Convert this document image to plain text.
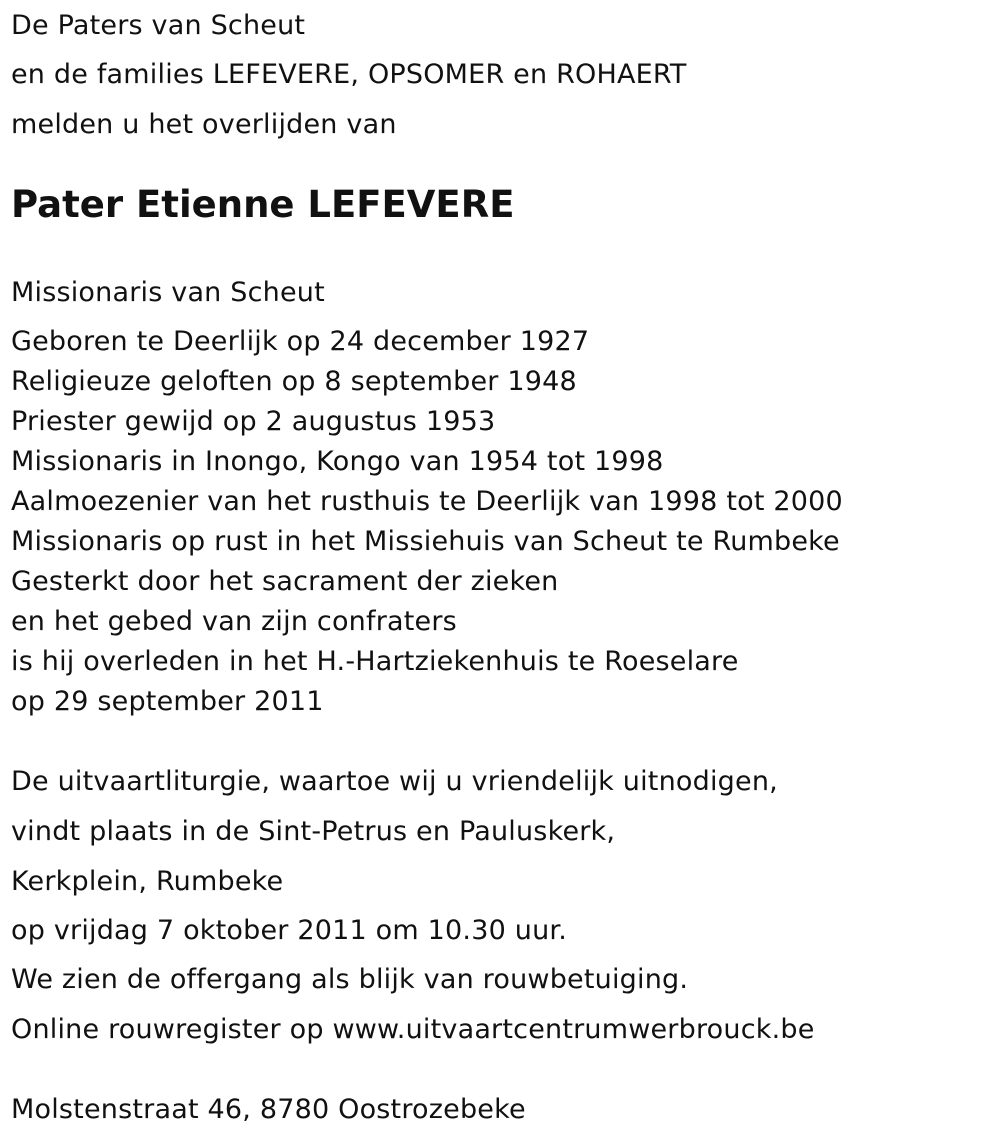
De Paters van Scheut
en de families LEFEVERE, OPSOMER en ROHAERT
melden u het overlijden van
Pater Etienne LEFEVERE
Missionaris van Scheut
Geboren te Deerlijk op 24 december 1927
Religieuze geloften op 8 september 1948
Priester gewijd op 2 augustus 1953
Missionaris in Inongo, Kongo van 1954 tot 1998
Aalmoezenier van het rusthuis te Deerlijk van 1998 tot 2000
Missionaris op rust in het Missiehuis van Scheut te Rumbeke
Gesterkt door het sacrament der zieken
en het gebed van zijn confraters
is hij overleden in het H.-Hartziekenhuis te Roeselare
op 29 september 2011
De uitvaartliturgie, waartoe wij u vriendelijk uitnodigen,
vindt plaats in de Sint-Petrus en Pauluskerk,
Kerkplein, Rumbeke
op vrijdag 7 oktober 2011 om 10.30 uur.
We zien de offergang als blijk van rouwbetuiging.
Online rouwregister op www.uitvaartcentrumwerbrouck.be
Molstenstraat 46, 8780 Oostrozebeke
